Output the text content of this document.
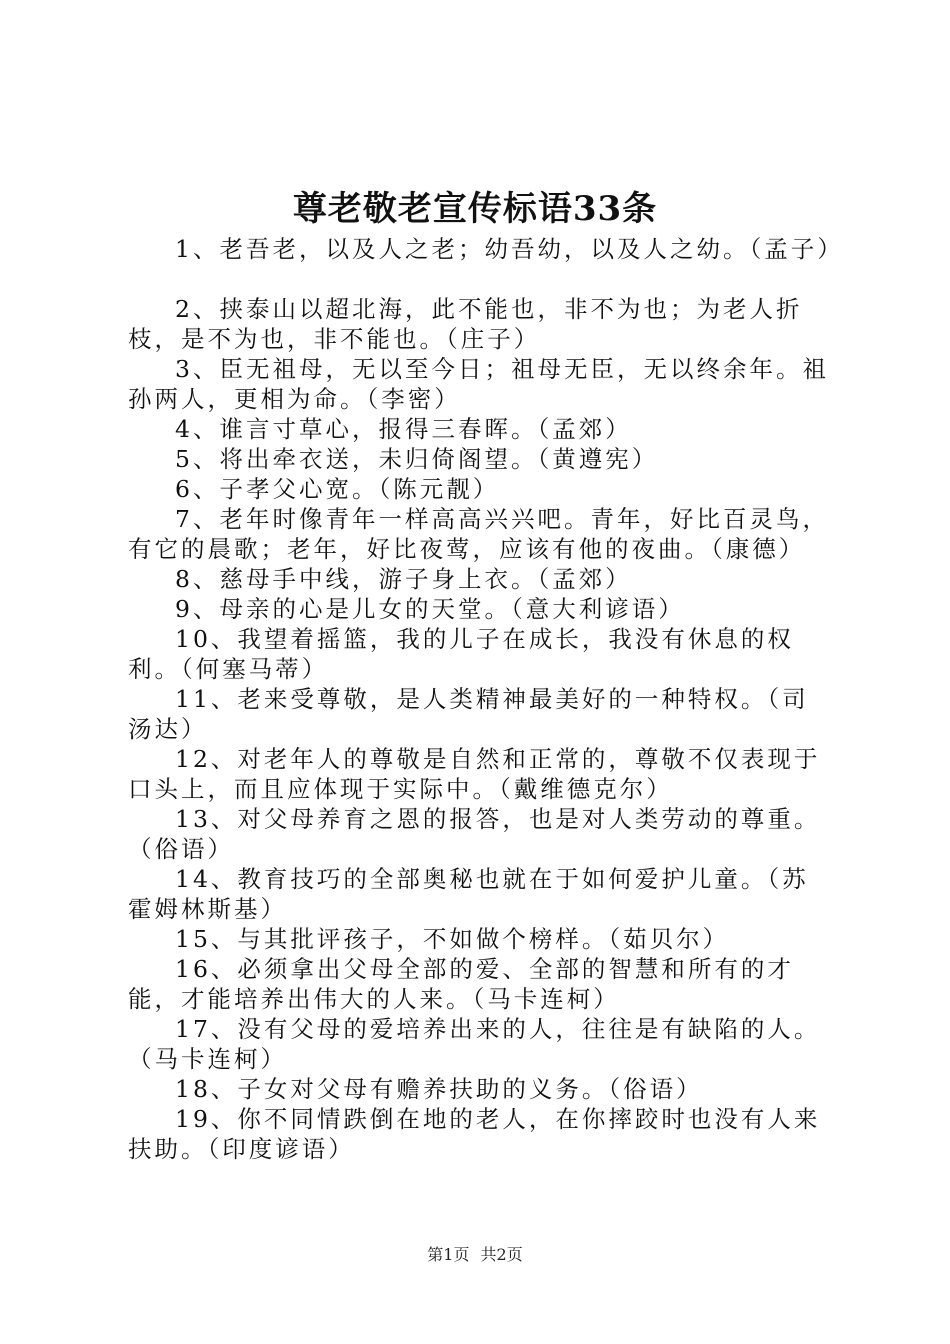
尊老敬老宣传标语33条

1、老吾老，以及人之老；幼吾幼，以及人之幼。（孟子）

2、挟泰山以超北海，此不能也，非不为也；为老人折枝，是不为也，非不能也。（庄子）

3、臣无祖母，无以至今日；祖母无臣，无以终余年。祖孙两人，更相为命。（李密）

4、谁言寸草心，报得三春晖。（孟郊）

5、将出牵衣送，未归倚阁望。（黄遵宪）

6、子孝父心宽。（陈元靓）

7、老年时像青年一样高高兴兴吧。青年，好比百灵鸟，有它的晨歌；老年，好比夜莺，应该有他的夜曲。（康德）

8、慈母手中线，游子身上衣。（孟郊）

9、母亲的心是儿女的天堂。（意大利谚语）

10、我望着摇篮，我的儿子在成长，我没有休息的权利。（何塞马蒂）

11、老来受尊敬，是人类精神最美好的一种特权。（司汤达）

12、对老年人的尊敬是自然和正常的，尊敬不仅表现于口头上，而且应体现于实际中。（戴维德克尔）

13、对父母养育之恩的报答，也是对人类劳动的尊重。（俗语）

14、教育技巧的全部奥秘也就在于如何爱护儿童。（苏霍姆林斯基）

15、与其批评孩子，不如做个榜样。（茹贝尔）

16、必须拿出父母全部的爱、全部的智慧和所有的才能，才能培养出伟大的人来。（马卡连柯）

17、没有父母的爱培养出来的人，往往是有缺陷的人。（马卡连柯）

18、子女对父母有赡养扶助的义务。（俗语）

19、你不同情跌倒在地的老人，在你摔跤时也没有人来扶助。（印度谚语）

第1页 共2页
